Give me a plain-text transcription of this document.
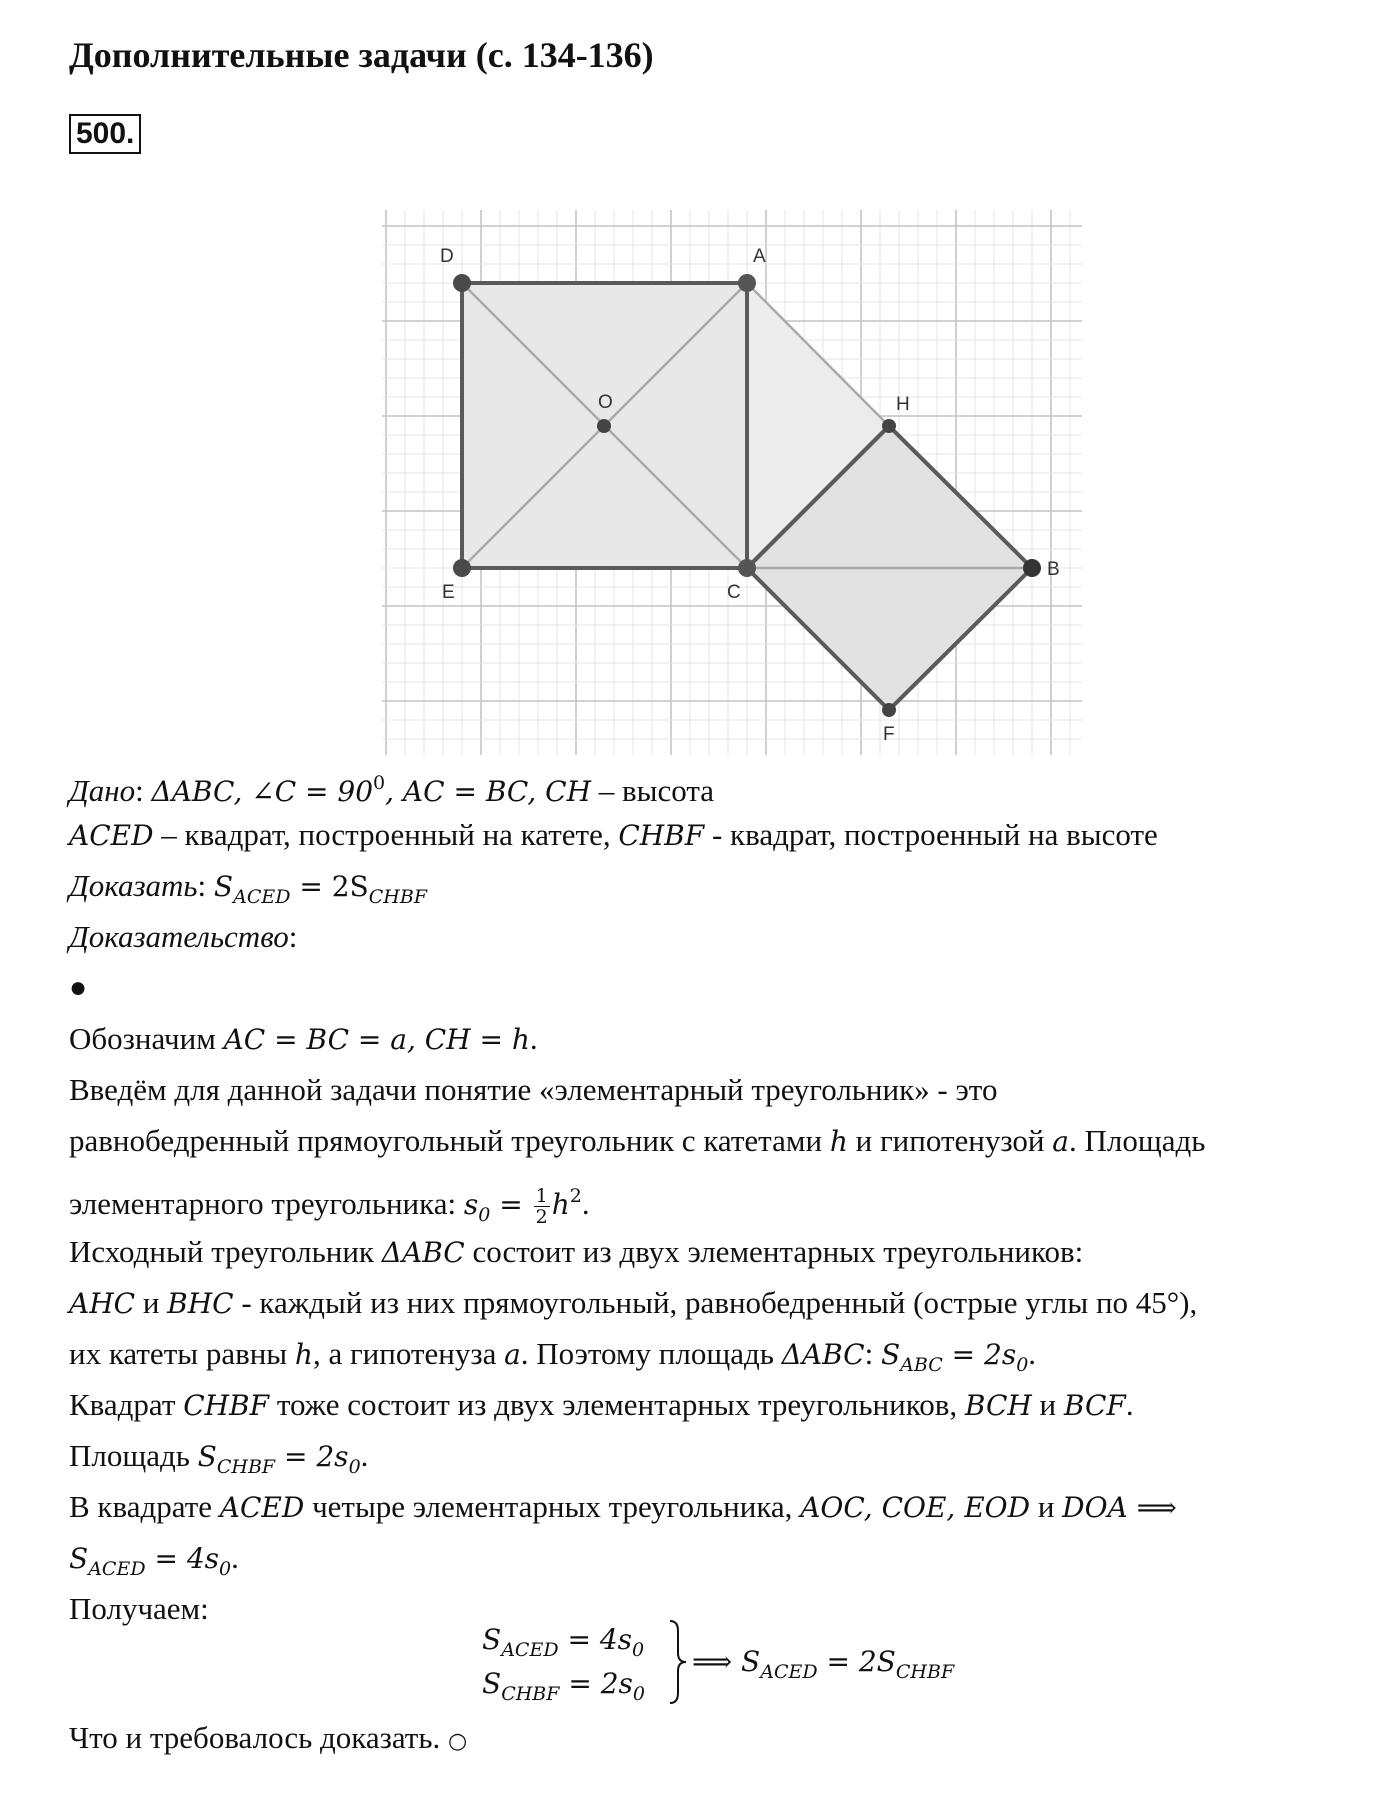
Дополнительные задачи (с. 134-136)
500.
D	A
O	H
E	C
B
F
Дано: ΔABC, ∠C = $90^0$, AC = BC, CH – высота
ACED – квадрат, построенный на катете, CHBF - квадрат, построенный на высоте
Доказать: $S_{ACED} = 2S_{CHBF}$
Доказательство:
●
Обозначим AC = BC = a, CH = h.
Введём для данной задачи понятие «элементарный треугольник» - это
равнобедренный прямоугольный треугольник с катетами h и гипотенузой a. Площадь
элементарного треугольника: $s_0 = \frac{1}{2} h^2$.
Исходный треугольник ΔABC состоит из двух элементарных треугольников:
AHC и BHC - каждый из них прямоугольный, равнобедренный (острые углы по 45°),
их катеты равны h, а гипотенуза a. Поэтому площадь ΔABC: $S_{ABC} = 2s_0$.
Квадрат CHBF тоже состоит из двух элементарных треугольников, BCH и BCF.
Площадь $S_{CHBF} = 2s_0$.
В квадрате ACED четыре элементарных треугольника, AOC, COE, EOD и DOA ⟹
$S_{ACED} = 4s_0$.
Получаем:
$S_{ACED} = 4s_0$
$S_{CHBF} = 2s_0$
⟹ $S_{ACED} = 2S_{CHBF}$
Что и требовалось доказать. ○
